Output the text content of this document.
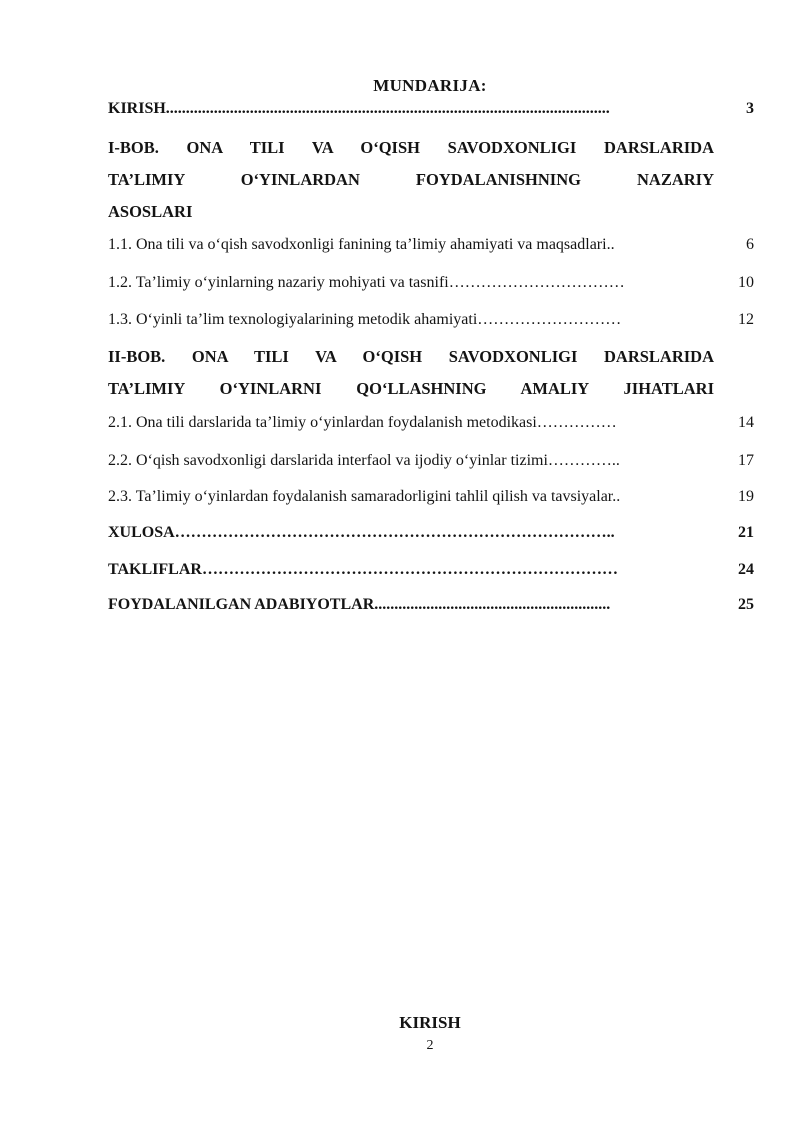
MUNDARIJA:
KIRISH...............................................................................................................	3
I-BOB. ONA TILI VA O‘QISH SAVODXONLIGI DARSLARIDA
TA’LIMIY O‘YINLARDAN FOYDALANISHNING NAZARIY
ASOSLARI
1.1. Ona tili va o‘qish savodxonligi fanining ta’limiy ahamiyati va maqsadlari..	6
1.2. Ta’limiy o‘yinlarning nazariy mohiyati va tasnifi……………………………	10
1.3. O‘yinli ta’lim texnologiyalarining metodik ahamiyati………………………	12
II-BOB. ONA TILI VA O‘QISH SAVODXONLIGI DARSLARIDA
TA’LIMIY O‘YINLARNI QO‘LLASHNING AMALIY JIHATLARI
2.1. Ona tili darslarida ta’limiy o‘yinlardan foydalanish metodikasi……………	14
2.2. O‘qish savodxonligi darslarida interfaol va ijodiy o‘yinlar tizimi…………..	17
2.3. Ta’limiy o‘yinlardan foydalanish samaradorligini tahlil qilish va tavsiyalar..	19
XULOSA………………………………………………………………………..	21
TAKLIFLAR……………………………………………………………………	24
FOYDALANILGAN ADABIYOTLAR...........................................................	25
KIRISH
2
